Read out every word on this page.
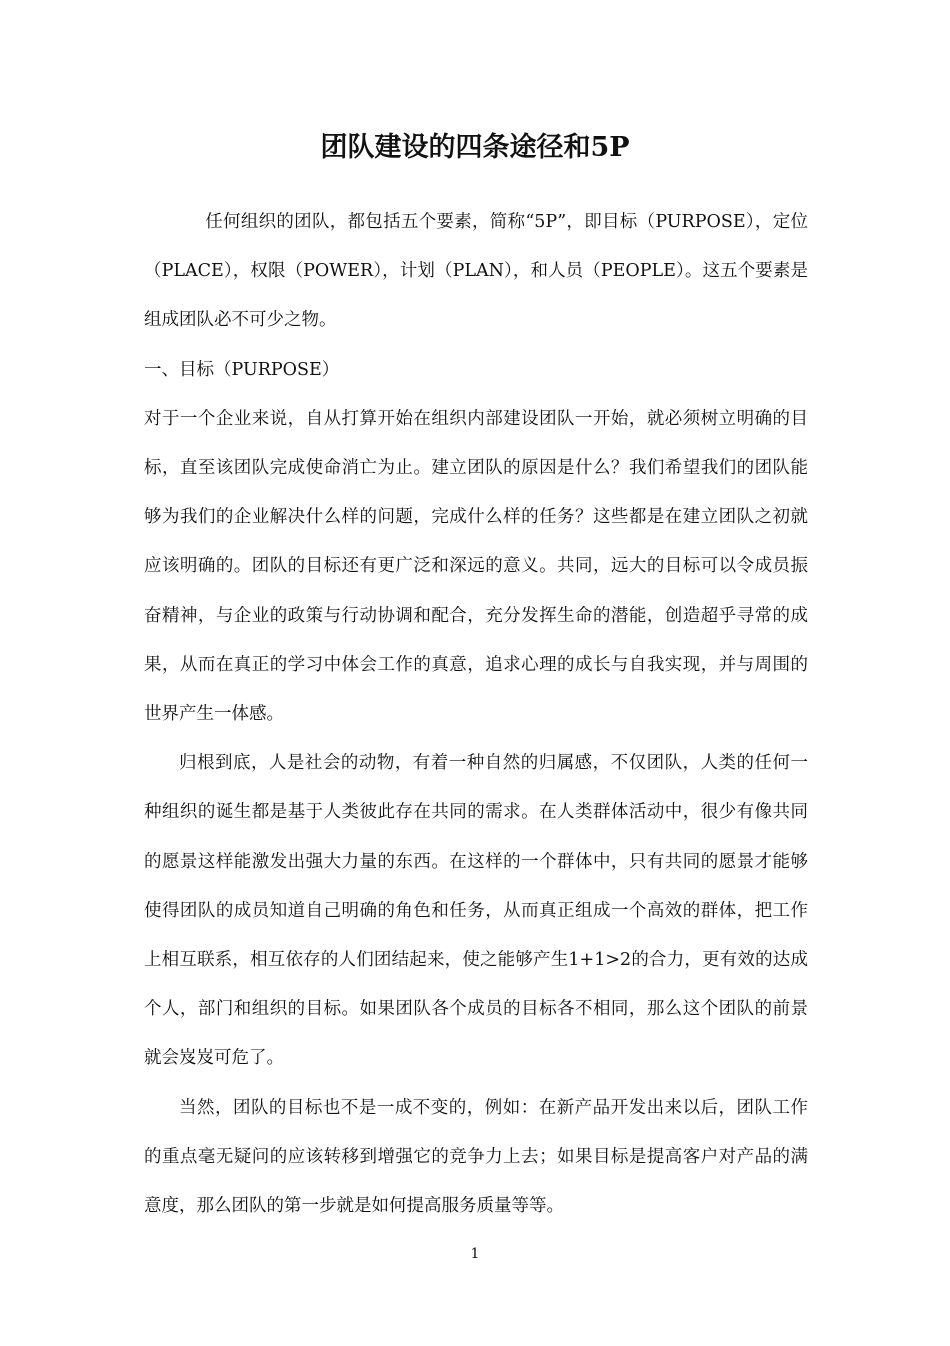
团队建设的四条途径和5P

任何组织的团队，都包括五个要素，简称“5P”，即目标（PURPOSE），定位（PLACE），权限（POWER），计划（PLAN），和人员（PEOPLE）。这五个要素是组成团队必不可少之物。

一、目标（PURPOSE）

对于一个企业来说，自从打算开始在组织内部建设团队一开始，就必须树立明确的目标，直至该团队完成使命消亡为止。建立团队的原因是什么？我们希望我们的团队能够为我们的企业解决什么样的问题，完成什么样的任务？这些都是在建立团队之初就应该明确的。团队的目标还有更广泛和深远的意义。共同，远大的目标可以令成员振奋精神，与企业的政策与行动协调和配合，充分发挥生命的潜能，创造超乎寻常的成果，从而在真正的学习中体会工作的真意，追求心理的成长与自我实现，并与周围的世界产生一体感。

归根到底，人是社会的动物，有着一种自然的归属感，不仅团队，人类的任何一种组织的诞生都是基于人类彼此存在共同的需求。在人类群体活动中，很少有像共同的愿景这样能激发出强大力量的东西。在这样的一个群体中，只有共同的愿景才能够使得团队的成员知道自己明确的角色和任务，从而真正组成一个高效的群体，把工作上相互联系，相互依存的人们团结起来，使之能够产生1+1>2的合力，更有效的达成个人，部门和组织的目标。如果团队各个成员的目标各不相同，那么这个团队的前景就会岌岌可危了。

当然，团队的目标也不是一成不变的，例如：在新产品开发出来以后，团队工作的重点毫无疑问的应该转移到增强它的竞争力上去；如果目标是提高客户对产品的满意度，那么团队的第一步就是如何提高服务质量等等。

1
